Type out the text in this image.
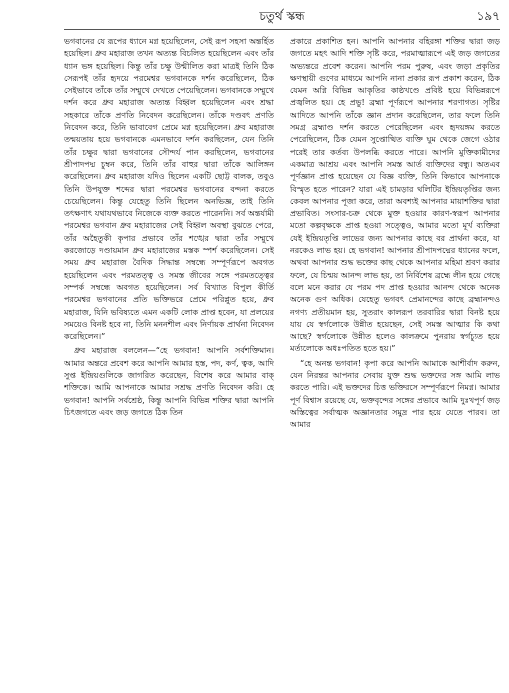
চতুর্থ স্কন্ধ	১৯৭

ভগবানের যে রূপের ধ্যানে মগ্ন হয়েছিলেন, সেই রূপ সহসা অন্তর্হিত হয়েছিল। ধ্রুব মহারাজ তখন অত্যন্ত বিচলিত হয়েছিলেন এবং তাঁর ধ্যান ভঙ্গ হয়েছিল। কিন্তু তাঁর চক্ষু উন্মীলিত করা মাত্রই তিনি ঠিক সেরূপই তাঁর হৃদয়ে পরমেশ্বর ভগবানকে দর্শন করেছিলেন, ঠিক সেইভাবে তাঁকে তাঁর সম্মুখে দেখতে পেয়েছিলেন। ভগবানকে সম্মুখে দর্শন করে ধ্রুব মহারাজ অত্যন্ত বিহ্বল হয়েছিলেন এবং শ্রদ্ধা সহকারে তাঁকে প্রণতি নিবেদন করেছিলেন। তাঁকে দণ্ডবৎ প্রণতি নিবেদন করে, তিনি ভাবাবেগ প্রেমে মগ্ন হয়েছিলেন। ধ্রুব মহারাজ তন্ময়তায় হয়ে ভগবানকে এমনভাবে দর্শন করছিলেন, যেন তিনি তাঁর চক্ষুর দ্বারা ভগবানের সৌন্দর্য পান করছিলেন, ভগবানের শ্রীপাদপদ্ম চুম্বন করে, তিনি তাঁর বাহুর দ্বারা তাঁকে আলিঙ্গন করেছিলেন। ধ্রুব মহারাজ যদিও ছিলেন একটি ছোট্ট বালক, তবুও তিনি উপযুক্ত শব্দের দ্বারা পরমেশ্বর ভগবানের বন্দনা করতে চেয়েছিলেন। কিন্তু যেহেতু তিনি ছিলেন অনভিজ্ঞ, তাই তিনি তৎক্ষণাৎ যথাযথভাবে নিজেকে ব্যক্ত করতে পারেননি। সর্ব অন্তর্যামী পরমেশ্বর ভগবান ধ্রুব মহারাজের সেই বিহ্বল অবস্থা বুঝতে পেরে, তাঁর অহৈতুকী কৃপার প্রভাবে তাঁর শঙ্খের দ্বারা তাঁর সম্মুখে করজোড়ে দণ্ডায়মান ধ্রুব মহারাজের মস্তক স্পর্শ করেছিলেন। সেই সময় ধ্রুব মহারাজ বৈদিক সিদ্ধান্ত সম্বন্ধে সম্পূর্ণরূপে অবগত হয়েছিলেন এবং পরমতত্ত্ব ও সমস্ত জীবের সঙ্গে পরমতত্ত্বের সম্পর্ক সম্বন্ধে অবগত হয়েছিলেন। সর্ব বিখ্যাত বিপুল কীর্তি পরমেশ্বর ভগবানের প্রতি ভক্তিভরে প্রেমে পরিপ্লুত হয়ে, ধ্রুব মহারাজ, যিনি ভবিষ্যতে এমন একটি লোক প্রাপ্ত হবেন, যা প্রলয়ের সময়েও বিনষ্ট হবে না, তিনি মননশীল এবং নির্ণায়ক প্রার্থনা নিবেদন করেছিলেন।”

ধ্রুব মহারাজ বললেন—“হে ভগবান! আপনি সর্বশক্তিমান। আমার অন্তরে প্রবেশ করে আপনি আমার হস্ত, পদ, কর্ণ, ত্বক, আদি সুপ্ত ইন্দ্রিয়গুলিকে জাগরিত করেছেন, বিশেষ করে আমার বাক্‌ শক্তিকে। আমি আপনাকে আমার সশ্রদ্ধ প্রণতি নিবেদন করি। হে ভগবান! আপনি সর্বশ্রেষ্ঠ, কিন্তু আপনি বিভিন্ন শক্তির দ্বারা আপনি চিৎজগতে এবং জড় জগতে ঠিক তিন

প্রকারে প্রকাশিত হন। আপনি আপনার বহিরঙ্গা শক্তির দ্বারা জড় জগতে মহৎ আদি শক্তি সৃষ্টি করে, পরমাত্মারূপে এই জড় জগতের অভ্যন্তরে প্রবেশ করেন। আপনি পরম পুরুষ, এবং জড়া প্রকৃতির ক্ষণস্থায়ী গুণের মাধ্যমে আপনি নানা প্রকার রূপ প্রকাশ করেন, ঠিক যেমন অগ্নি বিভিন্ন আকৃতির কাষ্ঠখণ্ডে প্রবিষ্ট হয়ে বিভিন্নরূপে প্রজ্বলিত হয়। হে প্রভু! ব্রহ্মা পূর্ণরূপে আপনার শরণাগত। সৃষ্টির আদিতে আপনি তাঁকে জ্ঞান প্রদান করেছিলেন, তার ফলে তিনি সমগ্র ব্রহ্মাণ্ড দর্শন করতে পেরেছিলেন এবং হৃদয়ঙ্গম করতে পেরেছিলেন, ঠিক যেমন সুপ্তোত্থিত ব্যক্তি ঘুম থেকে জেগে ওঠার পরেই তার কর্তব্য উপলব্ধি করতে পারে। আপনি মুক্তিকামীদের একমাত্র আশ্রয় এবং আপনি সমস্ত আর্ত ব্যক্তিদের বন্ধু। অতএব পূর্ণজ্ঞান প্রাপ্ত হয়েছেন যে বিজ্ঞ ব্যক্তি, তিনি কিভাবে আপনাকে বিস্মৃত হতে পারেন? যারা এই চামড়ার থলিটির ইন্দ্রিয়তৃপ্তির জন্য কেবল আপনার পূজা করে, তারা অবশ্যই আপনার মায়াশক্তির দ্বারা প্রভাবিত। সংসার-চক্র থেকে মুক্ত হওয়ার কারণ-স্বরূপ আপনার মতো কল্পবৃক্ষকে প্রাপ্ত হওয়া সত্ত্বেও, আমার মতো মূর্খ ব্যক্তিরা যেই ইন্দ্রিয়তৃপ্তি লাভের জন্য আপনার কাছে বর প্রার্থনা করে, যা নরকেও লাভ হয়। হে ভগবান! আপনার শ্রীপাদপদ্মের ধ্যানের ফলে, অথবা আপনার শুদ্ধ ভক্তের কাছ থেকে আপনার মহিমা শ্রবণ করার ফলে, যে চিন্ময় আনন্দ লাভ হয়, তা নির্বিশেষ ব্রহ্মে লীন হয়ে গেছে বলে মনে করার যে পরম পদ প্রাপ্ত হওয়ার আনন্দ থেকে অনেক অনেক গুণ অধিক। যেহেতু ভগবৎ প্রেমানন্দের কাছে ব্রহ্মানন্দও নগণ্য প্রতীয়মান হয়, সুতরাং কালরূপ তরবারির দ্বারা বিনষ্ট হয়ে যায় যে স্বর্গলোকে উন্নীত হয়েছেন, সেই সমস্ত আত্মার কি কথা আছে? স্বর্গলোকে উন্নীত হলেও কালক্রমে পুনরায় স্বর্গচ্যুত হয়ে মর্ত্যলোকে অধঃপতিত হতে হয়।”

“হে অনন্ত ভগবান! কৃপা করে আপনি আমাকে আশীর্বাদ করুন, যেন নিরন্তর আপনার সেবায় যুক্ত শুদ্ধ ভক্তদের সঙ্গ আমি লাভ করতে পারি। এই ভক্তদের চিত্ত ভক্তিরসে সম্পূর্ণরূপে নিমগ্ন। আমার পূর্ণ বিশ্বাস রয়েছে যে, ভক্তবৃন্দের সঙ্গের প্রভাবে আমি দুঃখপূর্ণ জড় অস্তিত্বের সর্বাত্মক অজ্ঞানতার সমুদ্র পার হয়ে যেতে পারব। তা আমার
